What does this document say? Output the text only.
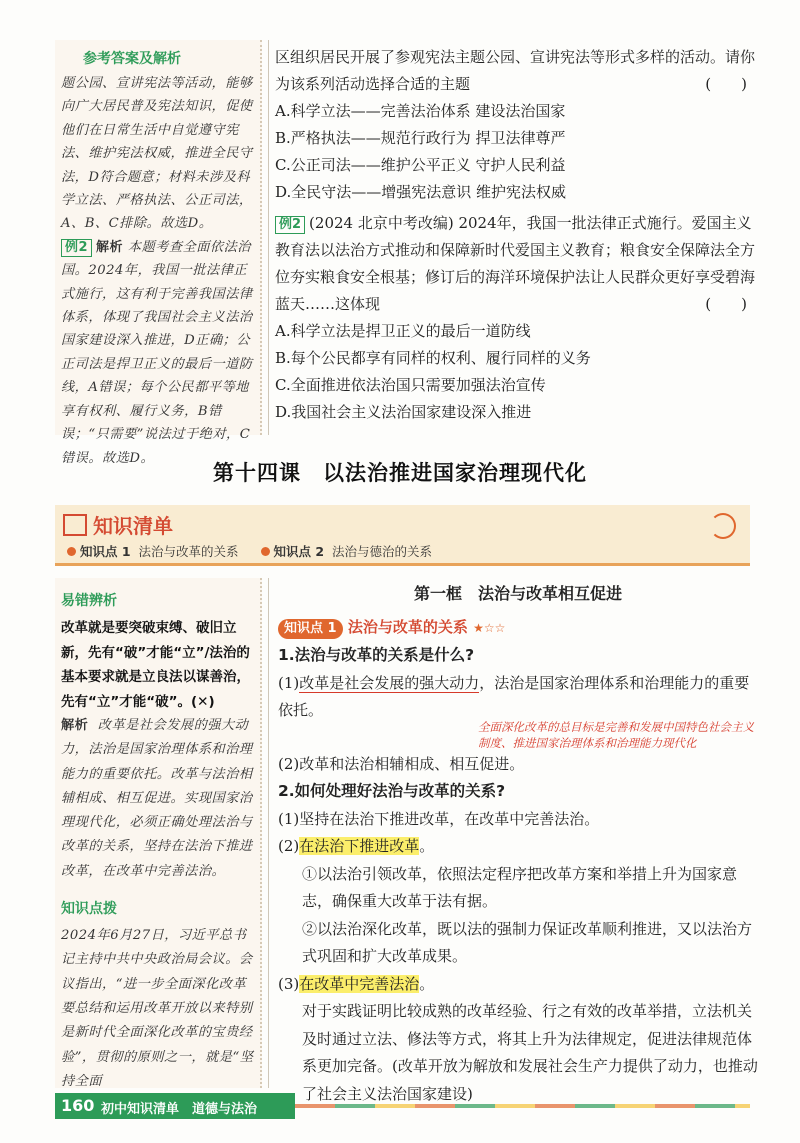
参考答案及解析

题公园、宣讲宪法等活动，能够向广大居民普及宪法知识，促使他们在日常生活中自觉遵守宪法、维护宪法权威，推进全民守法，D符合题意；材料未涉及科学立法、严格执法、公正司法，A、B、C排除。故选D。

例2 解析 本题考查全面依法治国。2024年，我国一批法律正式施行，这有利于完善我国法律体系，体现了我国社会主义法治国家建设深入推进，D正确；公正司法是捍卫正义的最后一道防线，A错误；每个公民都平等地享有权利、履行义务，B错误；“只需要”说法过于绝对，C错误。故选D。

区组织居民开展了参观宪法主题公园、宣讲宪法等形式多样的活动。请你为该系列活动选择合适的主题	(　　)

A.科学立法——完善法治体系 建设法治国家

B.严格执法——规范行政行为 捍卫法律尊严

C.公正司法——维护公平正义 守护人民利益

D.全民守法——增强宪法意识 维护宪法权威

例2 (2024 北京中考改编) 2024年，我国一批法律正式施行。爱国主义教育法以法治方式推动和保障新时代爱国主义教育；粮食安全保障法全方位夯实粮食安全根基；修订后的海洋环境保护法让人民群众更好享受碧海蓝天……这体现	(　　)

A.科学立法是捍卫正义的最后一道防线

B.每个公民都享有同样的权利、履行同样的义务

C.全面推进依法治国只需要加强法治宣传

D.我国社会主义法治国家建设深入推进

第十四课　以法治推进国家治理现代化
知识清单
知识点 1 法治与改革的关系	知识点 2 法治与德治的关系
易错辨析

改革就是要突破束缚、破旧立新，先有“破”才能“立”/法治的基本要求就是立良法以谋善治，先有“立”才能“破”。(✕)

解析 改革是社会发展的强大动力，法治是国家治理体系和治理能力的重要依托。改革与法治相辅相成、相互促进。实现国家治理现代化，必须正确处理法治与改革的关系，坚持在法治下推进改革，在改革中完善法治。

知识点拨

2024年6月27日，习近平总书记主持中共中央政治局会议。会议指出，“进一步全面深化改革要总结和运用改革开放以来特别是新时代全面深化改革的宝贵经验”，贯彻的原则之一，就是“坚持全面

第一框　法治与改革相互促进

知识点 1 法治与改革的关系 ★☆☆

1.法治与改革的关系是什么?

(1)改革是社会发展的强大动力，法治是国家治理体系和治理能力的重要依托。

全面深化改革的总目标是完善和发展中国特色社会主义制度、推进国家治理体系和治理能力现代化

(2)改革和法治相辅相成、相互促进。

2.如何处理好法治与改革的关系?

(1)坚持在法治下推进改革，在改革中完善法治。

(2)在法治下推进改革。

①以法治引领改革，依照法定程序把改革方案和举措上升为国家意志，确保重大改革于法有据。

②以法治深化改革，既以法的强制力保证改革顺利推进，又以法治方式巩固和扩大改革成果。

(3)在改革中完善法治。

对于实践证明比较成熟的改革经验、行之有效的改革举措，立法机关及时通过立法、修法等方式，将其上升为法律规定，促进法律规范体系更加完备。(改革开放为解放和发展社会生产力提供了动力，也推动了社会主义法治国家建设)

160 初中知识清单　道德与法治
